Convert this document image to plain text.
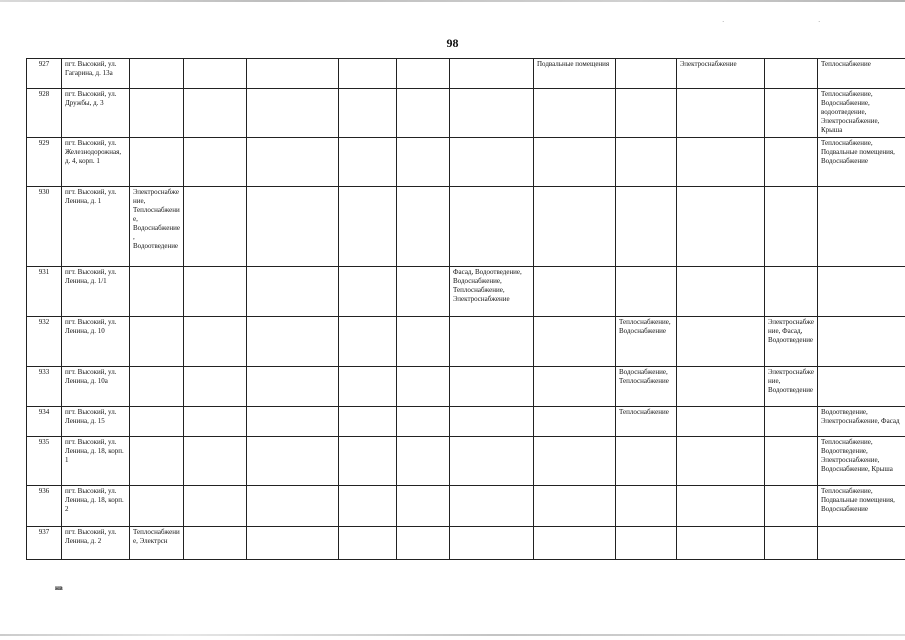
·	·
98
927	пгт. Высокий, ул. Гагарина, д. 13а							Подвальные помещения		Электроснабжение		Теплоснабжение
928	пгт. Высокий, ул. Дружбы, д. 3											Теплоснабжение, Водоснабжение, водоотведение, Электроснабжение, Крыша
929	пгт. Высокий, ул. Железнодорожная, д. 4, корп. 1											Теплоснабжение, Подвальные помещения, Водоснабжение
930	пгт. Высокий, ул. Ленина, д. 1	Электроснабжение, Теплоснабжение, Водоснабжение, Водоотведение										
931	пгт. Высокий, ул. Ленина, д. 1/1						Фасад, Водоотведение, Водоснабжение, Теплоснабжение, Электроснабжение					
932	пгт. Высокий, ул. Ленина, д. 10								Теплоснабжение, Водоснабжение		Электроснабжение, Фасад, Водоотведение	
933	пгт. Высокий, ул. Ленина, д. 10а								Водоснабжение, Теплоснабжение		Электроснабжение, Водоотведение	
934	пгт. Высокий, ул. Ленина, д. 15								Теплоснабжение			Водоотведение, Электроснабжение, Фасад
935	пгт. Высокий, ул. Ленина, д. 18, корп. 1											Теплоснабжение, Водоотведение, Электроснабжение, Водоснабжение, Крыша
936	пгт. Высокий, ул. Ленина, д. 18, корп. 2											Теплоснабжение, Подвальные помещения, Водоснабжение
937	пгт. Высокий, ул. Ленина, д. 2	Теплоснабжение, Электрсн										
нв
